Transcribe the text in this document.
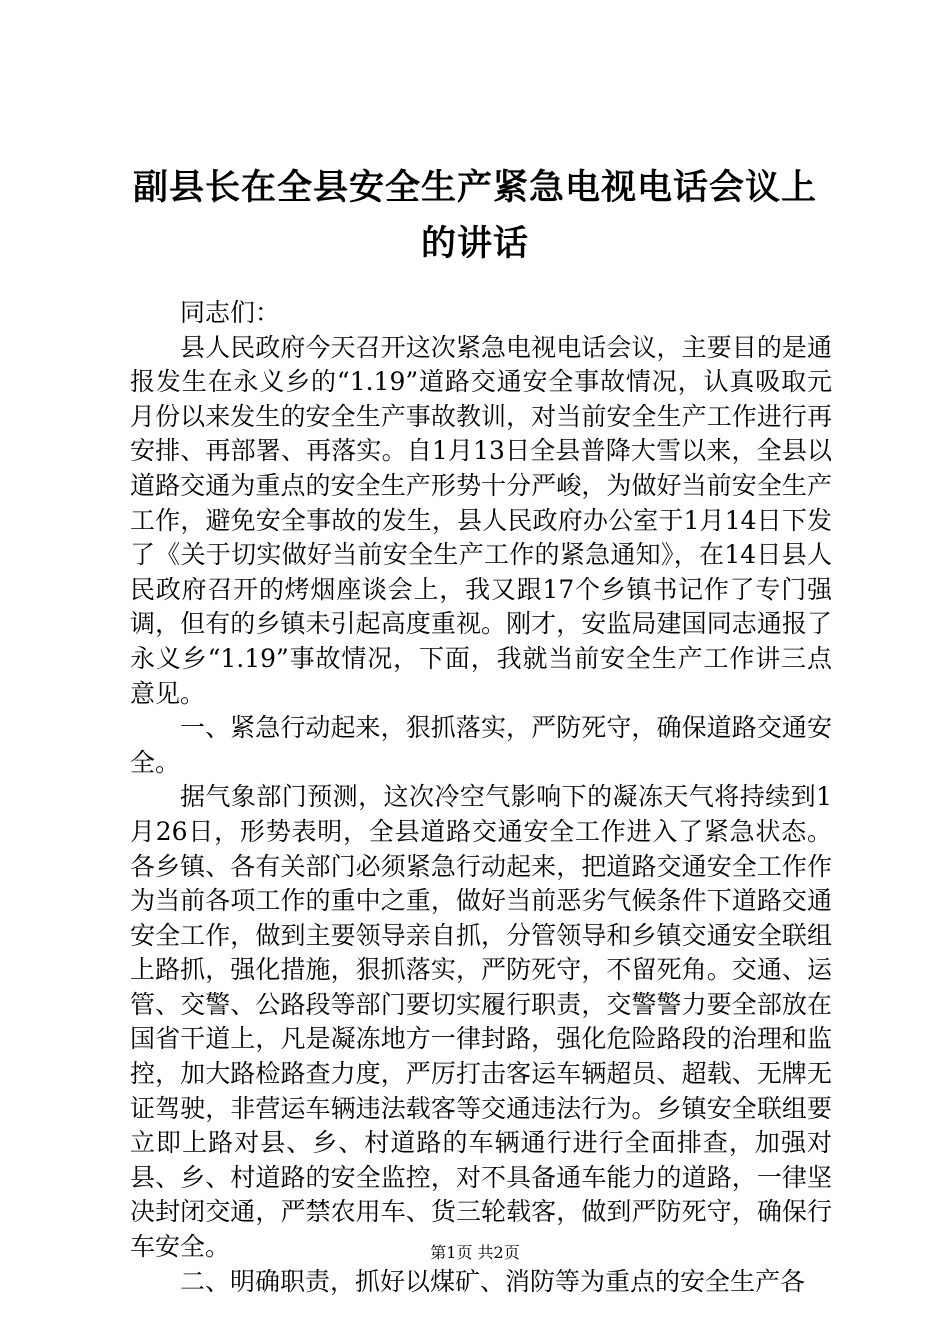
副县长在全县安全生产紧急电视电话会议上的讲话

同志们：

县人民政府今天召开这次紧急电视电话会议，主要目的是通报发生在永义乡的“1.19”道路交通安全事故情况，认真吸取元月份以来发生的安全生产事故教训，对当前安全生产工作进行再安排、再部署、再落实。自1月13日全县普降大雪以来，全县以道路交通为重点的安全生产形势十分严峻，为做好当前安全生产工作，避免安全事故的发生，县人民政府办公室于1月14日下发了《关于切实做好当前安全生产工作的紧急通知》，在14日县人民政府召开的烤烟座谈会上，我又跟17个乡镇书记作了专门强调，但有的乡镇未引起高度重视。刚才，安监局建国同志通报了永义乡“1.19”事故情况，下面，我就当前安全生产工作讲三点意见。

一、紧急行动起来，狠抓落实，严防死守，确保道路交通安全。

据气象部门预测，这次冷空气影响下的凝冻天气将持续到1月26日，形势表明，全县道路交通安全工作进入了紧急状态。各乡镇、各有关部门必须紧急行动起来，把道路交通安全工作作为当前各项工作的重中之重，做好当前恶劣气候条件下道路交通安全工作，做到主要领导亲自抓，分管领导和乡镇交通安全联组上路抓，强化措施，狠抓落实，严防死守，不留死角。交通、运管、交警、公路段等部门要切实履行职责，交警警力要全部放在国省干道上，凡是凝冻地方一律封路，强化危险路段的治理和监控，加大路检路查力度，严厉打击客运车辆超员、超载、无牌无证驾驶，非营运车辆违法载客等交通违法行为。乡镇安全联组要立即上路对县、乡、村道路的车辆通行进行全面排查，加强对县、乡、村道路的安全监控，对不具备通车能力的道路，一律坚决封闭交通，严禁农用车、货三轮载客，做到严防死守，确保行车安全。

二、明确职责，抓好以煤矿、消防等为重点的安全生产各

第1页 共2页
